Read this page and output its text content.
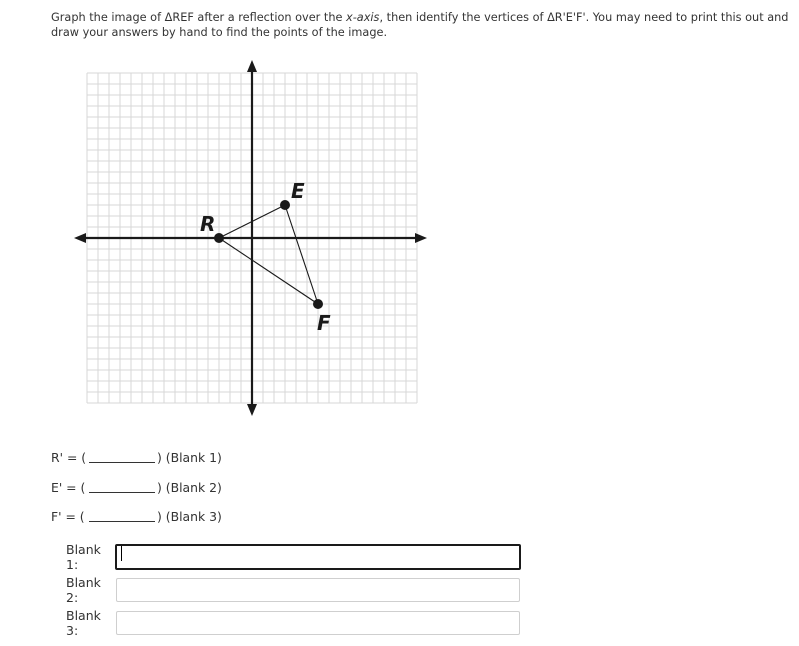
Graph the image of ΔREF after a reflection over the x-axis, then identify the vertices of ΔR'E'F'. You may need to print this out and draw your answers by hand to find the points of the image.
R
E
F
R' = (	) (Blank 1)
E' = (	) (Blank 2)
F' = (	) (Blank 3)
Blank 1:
Blank 2:
Blank 3:
